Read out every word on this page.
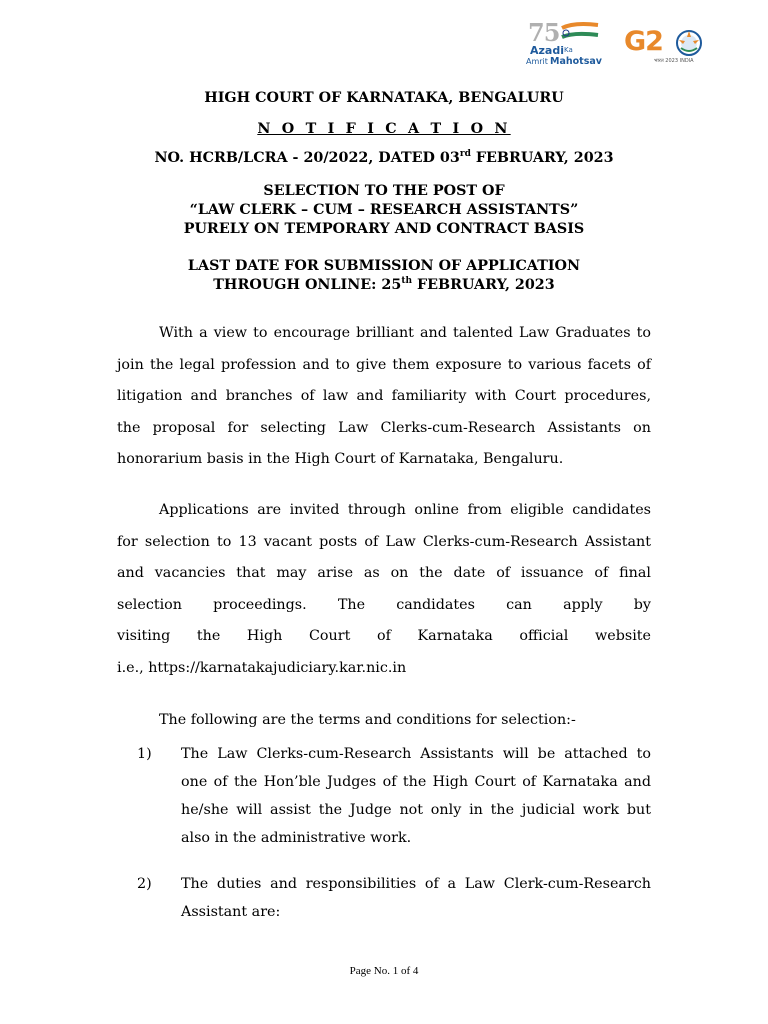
75
Azadi Ka
Amrit Mahotsav
G2
भारत 2023 INDIA
HIGH COURT OF KARNATAKA, BENGALURU
N O T I F I C A T I O N
NO. HCRB/LCRA - 20/2022, DATED 03rd FEBRUARY, 2023
SELECTION TO THE POST OF
“LAW CLERK – CUM – RESEARCH ASSISTANTS”
PURELY ON TEMPORARY AND CONTRACT BASIS
LAST DATE FOR SUBMISSION OF APPLICATION
THROUGH ONLINE: 25th FEBRUARY, 2023
With a view to encourage brilliant and talented Law Graduates to
join the legal profession and to give them exposure to various facets of
litigation and branches of law and familiarity with Court procedures,
the proposal for selecting Law Clerks-cum-Research Assistants on
honorarium basis in the High Court of Karnataka, Bengaluru.
Applications are invited through online from eligible candidates
for selection to 13 vacant posts of Law Clerks-cum-Research Assistant
and vacancies that may arise as on the date of issuance of final
selection proceedings. The candidates can apply by
visiting the High Court of Karnataka official website
i.e., https://karnatakajudiciary.kar.nic.in
The following are the terms and conditions for selection:-
1) The Law Clerks-cum-Research Assistants will be attached to
one of the Hon’ble Judges of the High Court of Karnataka and
he/she will assist the Judge not only in the judicial work but
also in the administrative work.
2) The duties and responsibilities of a Law Clerk-cum-Research
Assistant are:
Page No. 1 of 4
